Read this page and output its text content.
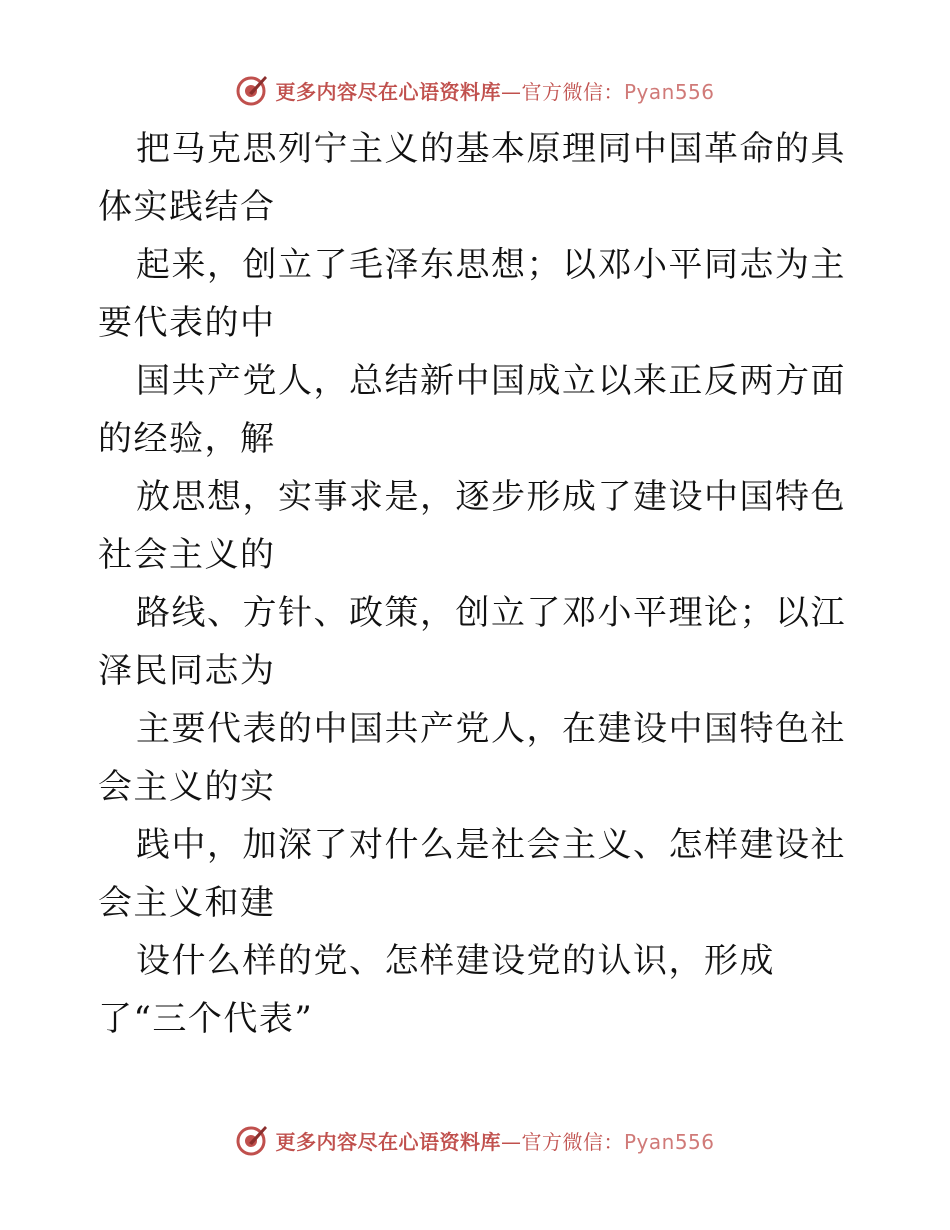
更多内容尽在心语资料库—官方微信：Pyan556

把马克思列宁主义的基本原理同中国革命的具体实践结合

起来，创立了毛泽东思想；以邓小平同志为主要代表的中

国共产党人，总结新中国成立以来正反两方面的经验，解

放思想，实事求是，逐步形成了建设中国特色社会主义的

路线、方针、政策，创立了邓小平理论；以江泽民同志为

主要代表的中国共产党人，在建设中国特色社会主义的实

践中，加深了对什么是社会主义、怎样建设社会主义和建

设什么样的党、怎样建设党的认识，形成了“三个代表”

更多内容尽在心语资料库—官方微信：Pyan556
